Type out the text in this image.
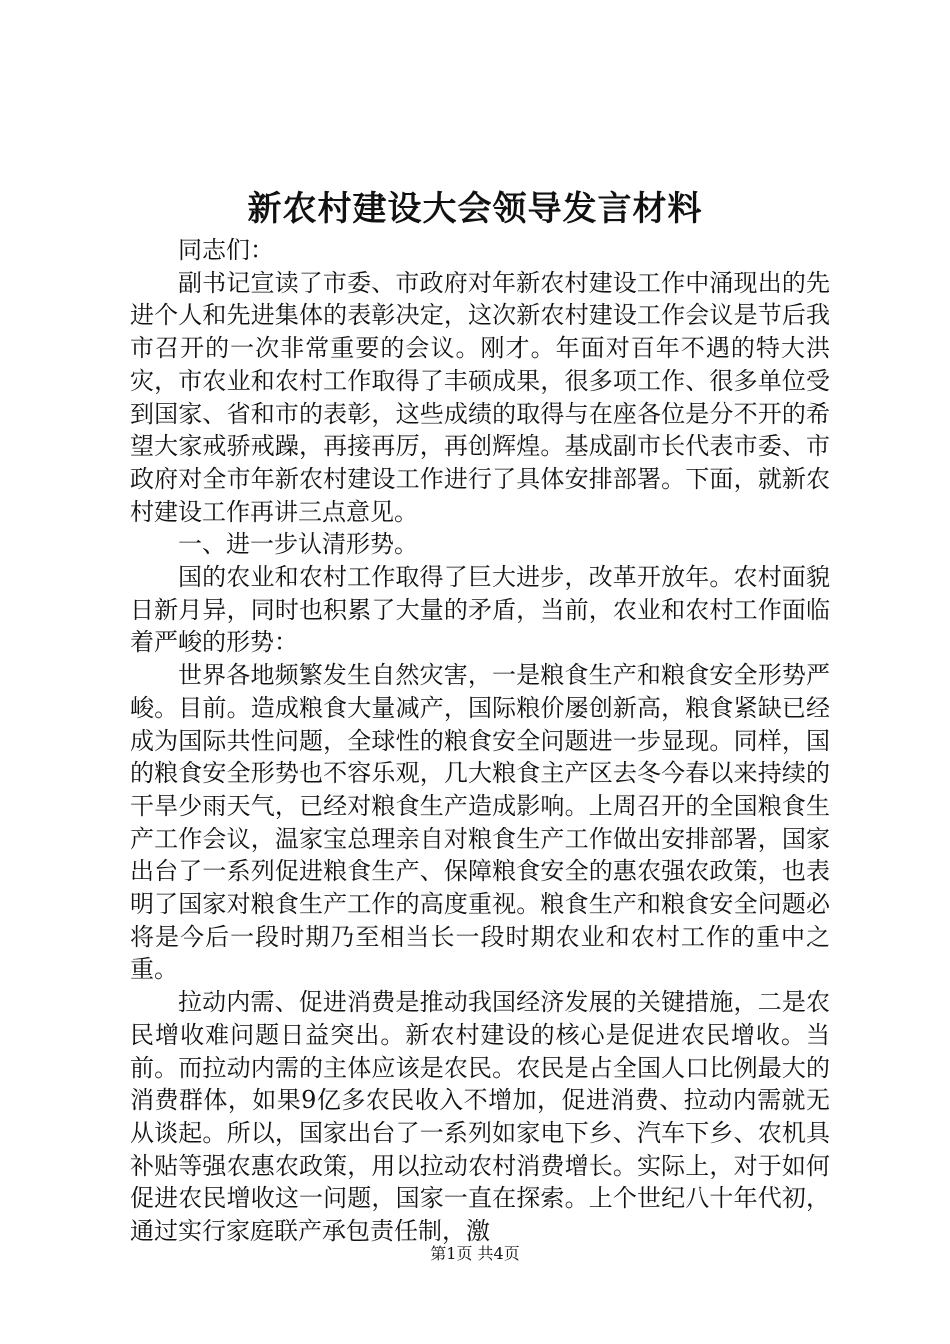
新农村建设大会领导发言材料

同志们：

副书记宣读了市委、市政府对年新农村建设工作中涌现出的先进个人和先进集体的表彰决定，这次新农村建设工作会议是节后我市召开的一次非常重要的会议。刚才。年面对百年不遇的特大洪灾，市农业和农村工作取得了丰硕成果，很多项工作、很多单位受到国家、省和市的表彰，这些成绩的取得与在座各位是分不开的希望大家戒骄戒躁，再接再厉，再创辉煌。基成副市长代表市委、市政府对全市年新农村建设工作进行了具体安排部署。下面，就新农村建设工作再讲三点意见。

一、进一步认清形势。

国的农业和农村工作取得了巨大进步，改革开放年。农村面貌日新月异，同时也积累了大量的矛盾，当前，农业和农村工作面临着严峻的形势：

世界各地频繁发生自然灾害，一是粮食生产和粮食安全形势严峻。目前。造成粮食大量减产，国际粮价屡创新高，粮食紧缺已经成为国际共性问题，全球性的粮食安全问题进一步显现。同样，国的粮食安全形势也不容乐观，几大粮食主产区去冬今春以来持续的干旱少雨天气，已经对粮食生产造成影响。上周召开的全国粮食生产工作会议，温家宝总理亲自对粮食生产工作做出安排部署，国家出台了一系列促进粮食生产、保障粮食安全的惠农强农政策，也表明了国家对粮食生产工作的高度重视。粮食生产和粮食安全问题必将是今后一段时期乃至相当长一段时期农业和农村工作的重中之重。

拉动内需、促进消费是推动我国经济发展的关键措施，二是农民增收难问题日益突出。新农村建设的核心是促进农民增收。当前。而拉动内需的主体应该是农民。农民是占全国人口比例最大的消费群体，如果9亿多农民收入不增加，促进消费、拉动内需就无从谈起。所以，国家出台了一系列如家电下乡、汽车下乡、农机具补贴等强农惠农政策，用以拉动农村消费增长。实际上，对于如何促进农民增收这一问题，国家一直在探索。上个世纪八十年代初，通过实行家庭联产承包责任制，激

第1页 共4页
